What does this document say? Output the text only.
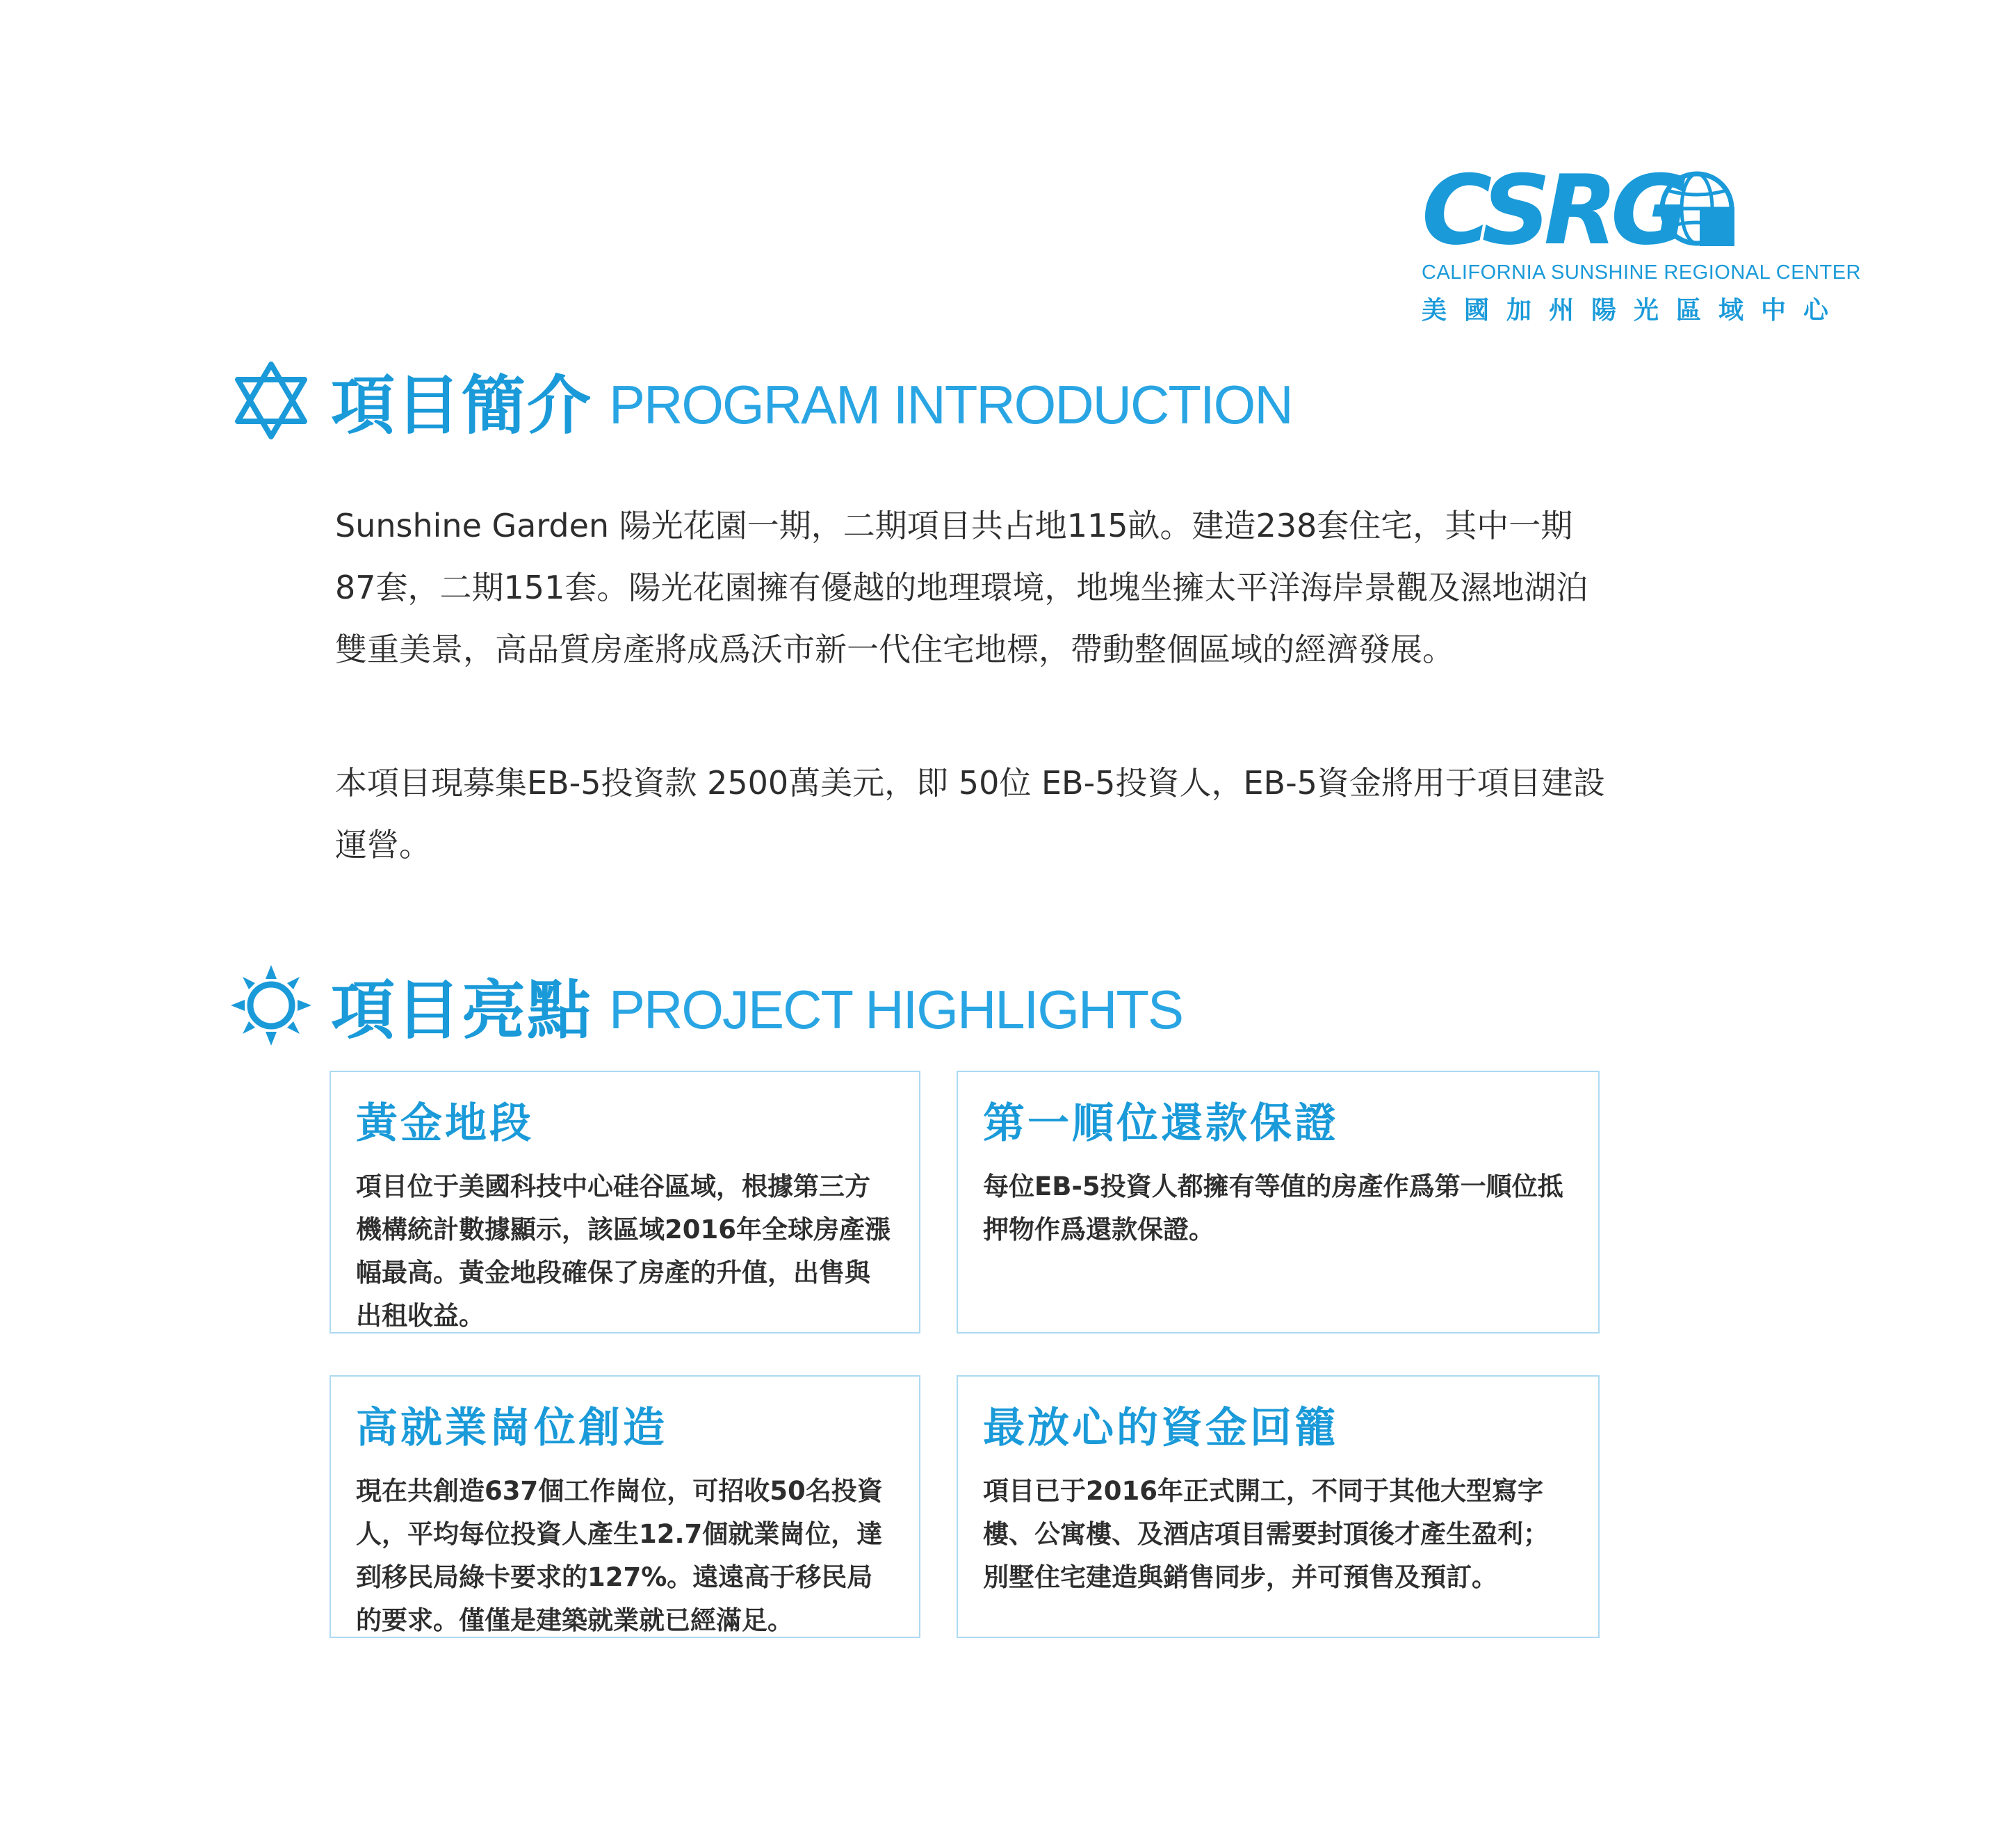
CSRG
CALIFORNIA SUNSHINE REGIONAL CENTER
美國加州陽光區域中心
項目簡介 PROGRAM INTRODUCTION
Sunshine Garden 陽光花園一期，二期項目共占地115畝。建造238套住宅，其中一期87套，二期151套。陽光花園擁有優越的地理環境，地塊坐擁太平洋海岸景觀及濕地湖泊雙重美景，高品質房產將成爲沃市新一代住宅地標，帶動整個區域的經濟發展。
本項目現募集EB-5投資款 2500萬美元，即 50位 EB-5投資人，EB-5資金將用于項目建設運營。
項目亮點 PROJECT HIGHLIGHTS
黃金地段
項目位于美國科技中心硅谷區域，根據第三方機構統計數據顯示，該區域2016年全球房產漲幅最高。黃金地段確保了房產的升值，出售與出租收益。
第一順位還款保證
每位EB-5投資人都擁有等值的房產作爲第一順位抵押物作爲還款保證。
高就業崗位創造
現在共創造637個工作崗位，可招收50名投資人，平均每位投資人產生12.7個就業崗位，達到移民局綠卡要求的127%。遠遠高于移民局的要求。僅僅是建築就業就已經滿足。
最放心的資金回籠
項目已于2016年正式開工，不同于其他大型寫字樓、公寓樓、及酒店項目需要封頂後才產生盈利；別墅住宅建造與銷售同步，并可預售及預訂。
